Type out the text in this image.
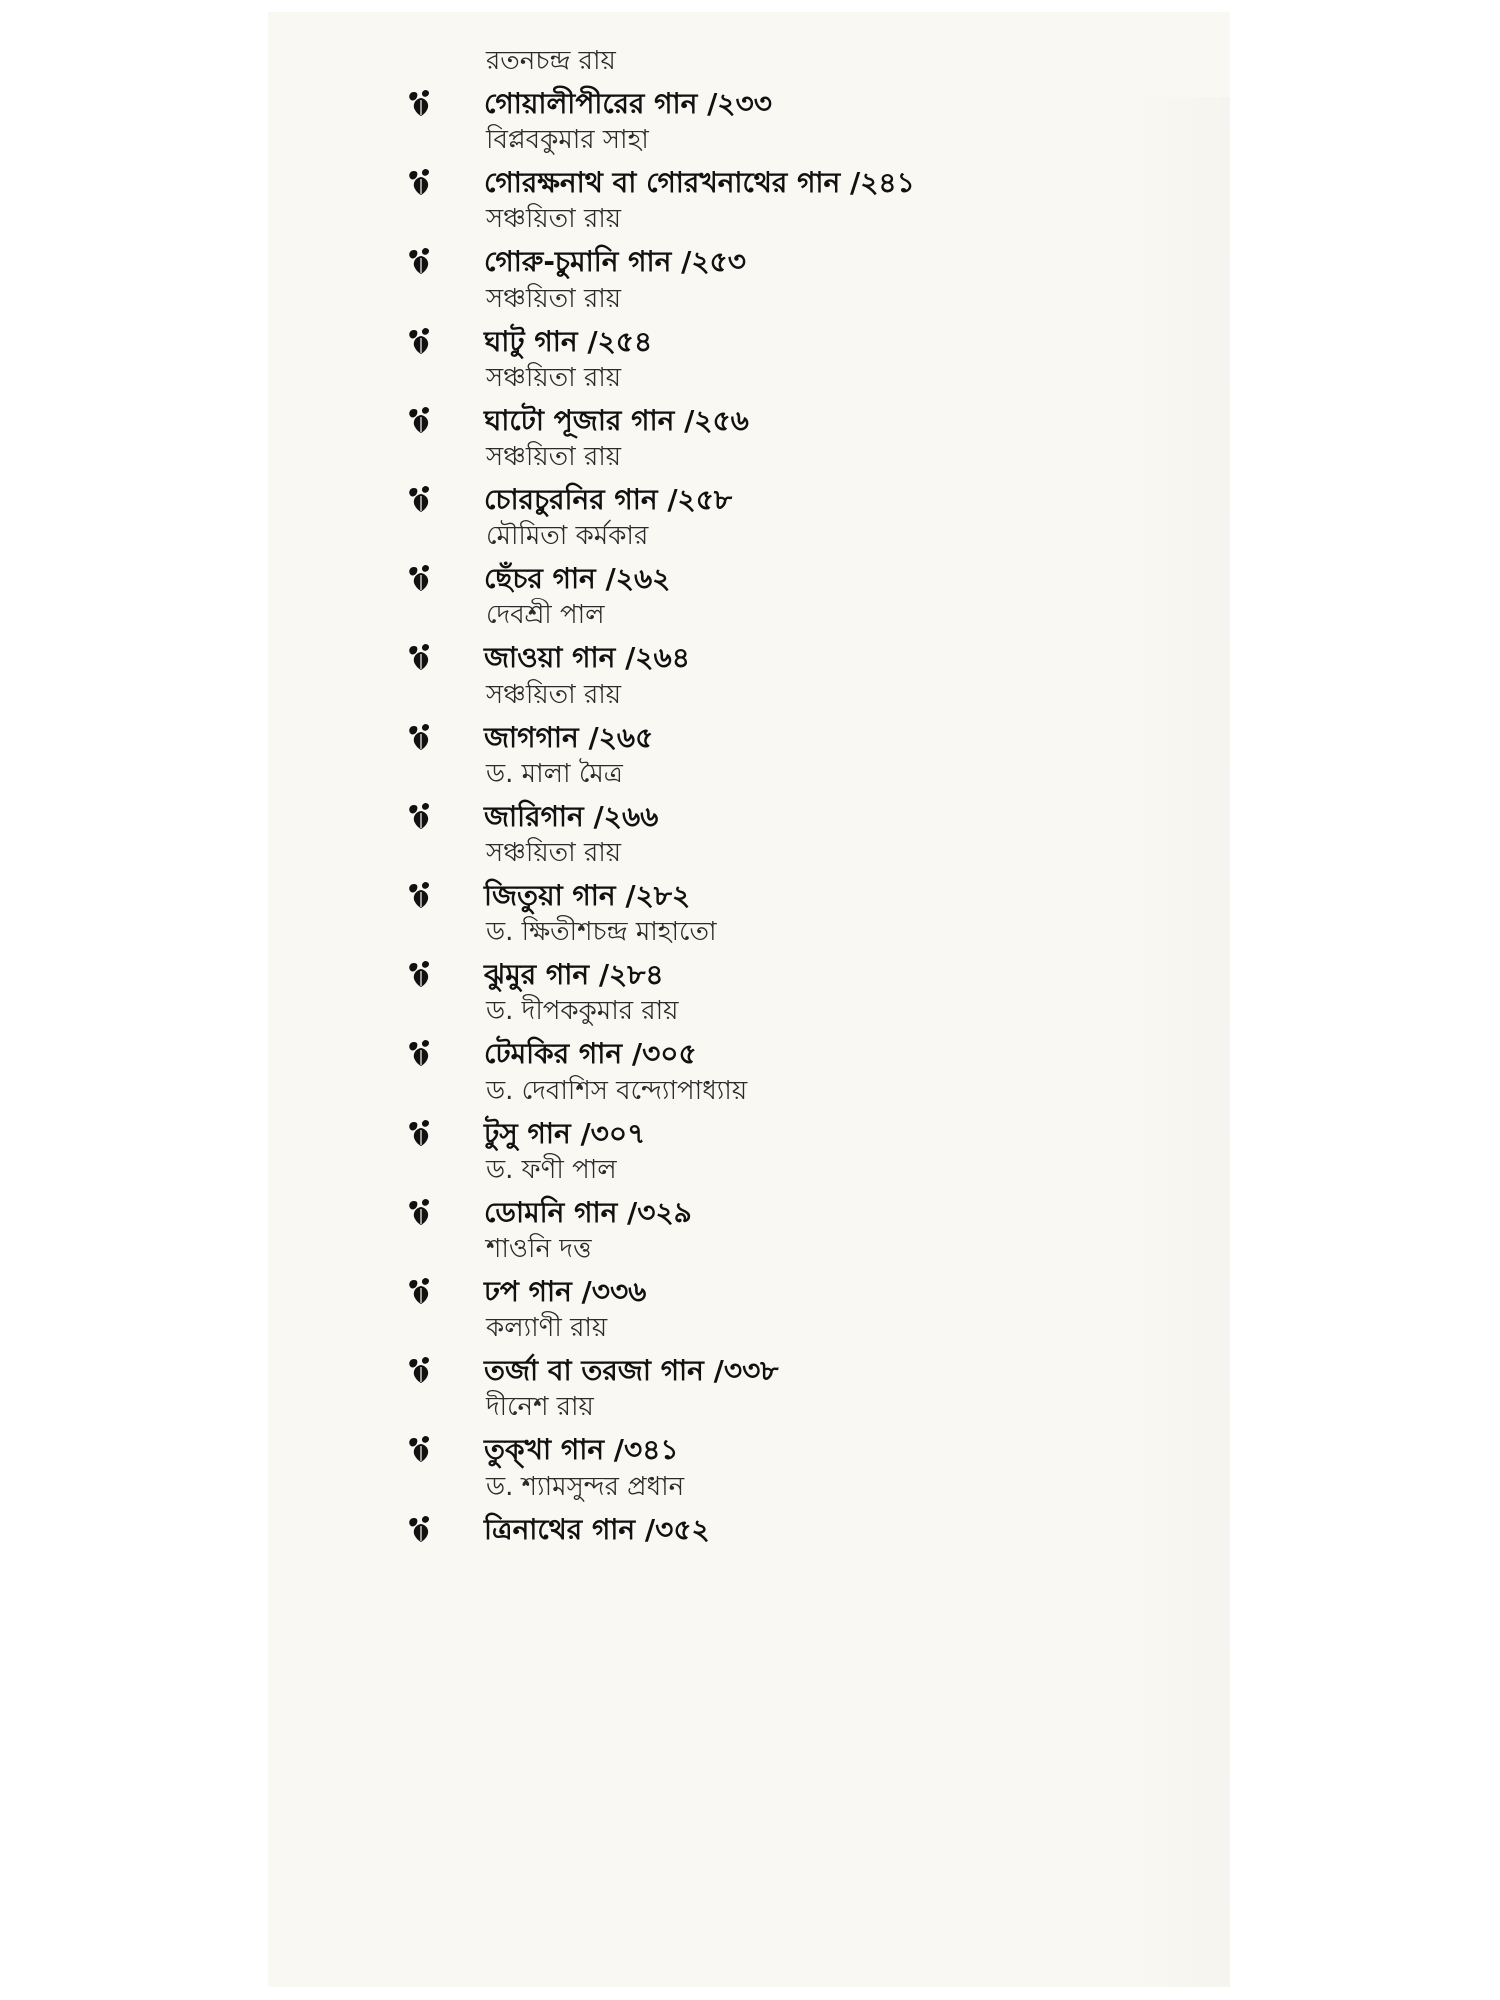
রতনচন্দ্র রায়
গোয়ালীপীরের গান /২৩৩
বিপ্লবকুমার সাহা
গোরক্ষনাথ বা গোরখনাথের গান /২৪১
সঞ্চয়িতা রায়
গোরু-চুমানি গান /২৫৩
সঞ্চয়িতা রায়
ঘাটু গান /২৫৪
সঞ্চয়িতা রায়
ঘাটো পূজার গান /২৫৬
সঞ্চয়িতা রায়
চোরচুরনির গান /২৫৮
মৌমিতা কর্মকার
ছেঁচর গান /২৬২
দেবশ্রী পাল
জাওয়া গান /২৬৪
সঞ্চয়িতা রায়
জাগগান /২৬৫
ড. মালা মৈত্র
জারিগান /২৬৬
সঞ্চয়িতা রায়
জিতুয়া গান /২৮২
ড. ক্ষিতীশচন্দ্র মাহাতো
ঝুমুর গান /২৮৪
ড. দীপককুমার রায়
টেমকির গান /৩০৫
ড. দেবাশিস বন্দ্যোপাধ্যায়
টুসু গান /৩০৭
ড. ফণী পাল
ডোমনি গান /৩২৯
শাওনি দত্ত
ঢপ গান /৩৩৬
কল্যাণী রায়
তর্জা বা তরজা গান /৩৩৮
দীনেশ রায়
তুক্‌খা গান /৩৪১
ড. শ্যামসুন্দর প্রধান
ত্রিনাথের গান /৩৫২
